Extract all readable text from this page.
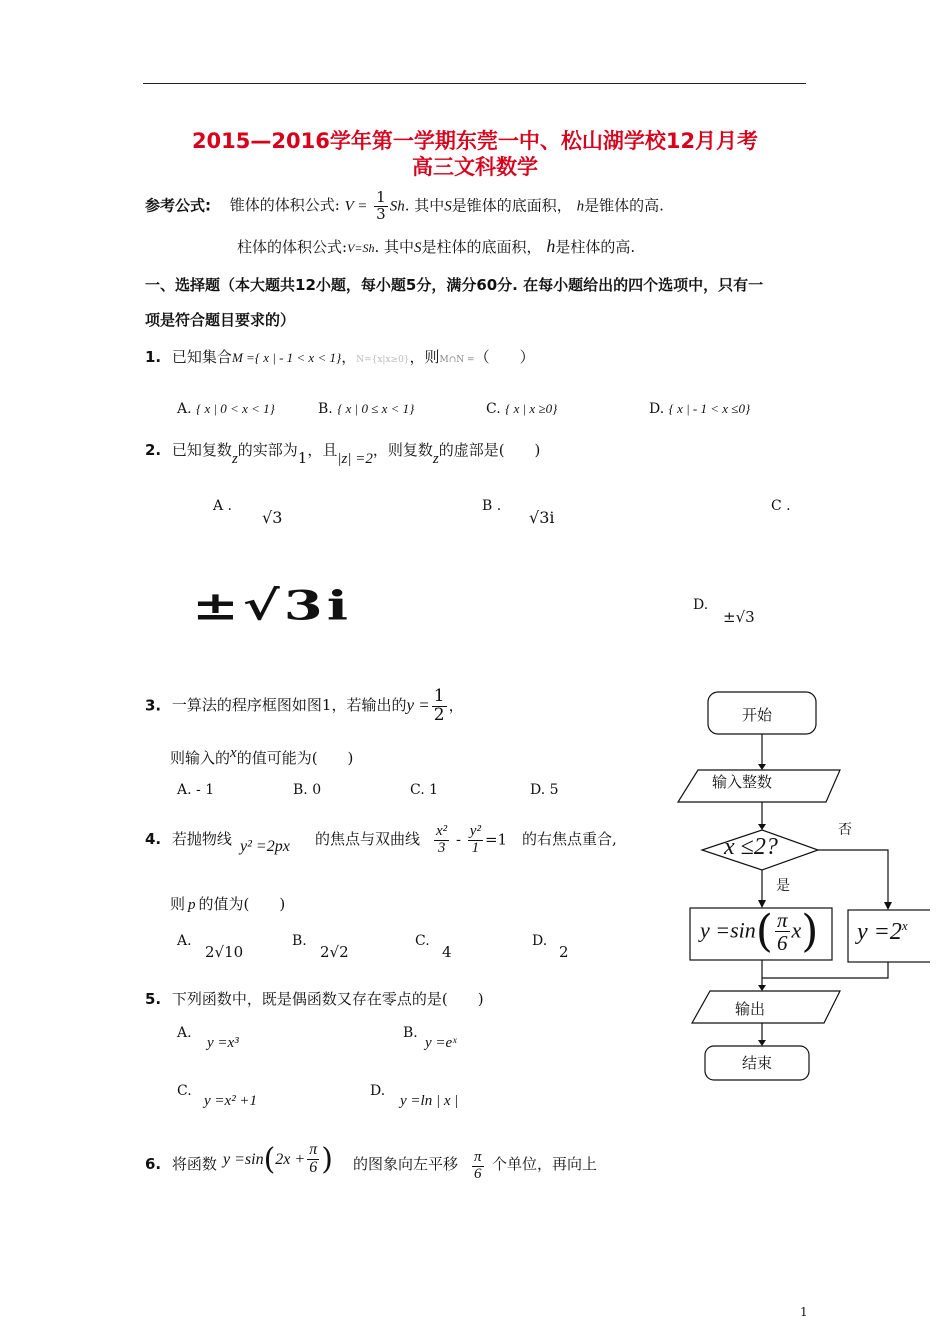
2015—2016学年第一学期东莞一中、松山湖学校12月月考
高三文科数学
参考公式: 锥体的体积公式: $V = \frac{1}{3} Sh$. 其中S是锥体的底面积， h是锥体的高.
柱体的体积公式:V=Sh. 其中S是柱体的底面积， h是柱体的高.
一、选择题（本大题共12小题，每小题5分，满分60分. 在每小题给出的四个选项中，只有一
项是符合题目要求的）
1. 已知集合M ={ x | - 1 < x < 1}，N={x|x≥0}，则M∩N =（　　）
A. { x | 0 < x < 1}	B. { x | 0 ≤ x < 1}	C. { x | x ≥0}	D. { x | - 1 < x ≤0}
2. 已知复数z的实部为1，且|z| =2，则复数z的虚部是(　　)
A .
√3
B .
√3i
C .
±√3i	D.
±√3
3. 一算法的程序框图如图1，若输出的$y = \frac{1}{2}$ ，
则输入的x的值可能为(　　)
A. - 1	B. 0	C. 1	D. 5
4. 若抛物线 y² =2px 的焦点与双曲线 $\frac{\text{x²}}{3} - \frac{\text{y²}}{1} =1$ 的右焦点重合,
则 p 的值为(　　)
A.
2√10
B.
2√2
C.
4
D.
2
5. 下列函数中，既是偶函数又存在零点的是(　　)
A.
y =x³
B.
y =eˣ
C.
y =x² +1
D.
y =ln | x |
6. 将函数 $y =\sin(2x + \frac{\pi}{6}$ ) 的图象向左平移 $\frac{\pi}{6}$ 个单位，再向上
开始
输入整数
x ≤2?
否
是
$y =\sin( \frac{\pi}{6} x)$ $y =2^x$
输出
结束
1
